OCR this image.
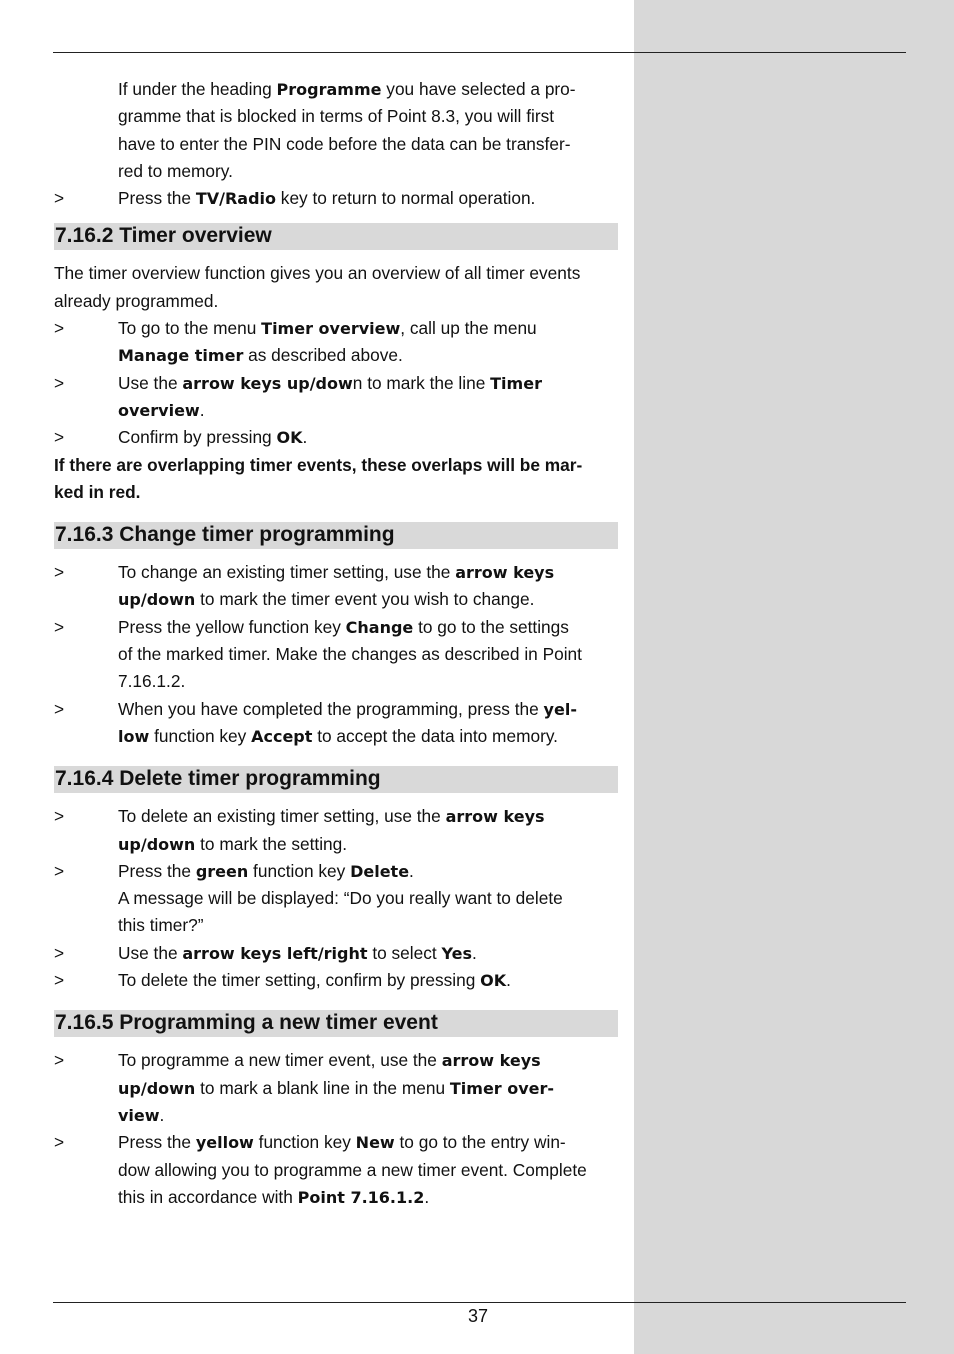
If under the heading Programme you have selected a pro-
gramme that is blocked in terms of Point 8.3, you will first
have to enter the PIN code before the data can be transfer-
red to memory.
>	Press the TV/Radio key to return to normal operation.
7.16.2 Timer overview
The timer overview function gives you an overview of all timer events
already programmed.
>	To go to the menu Timer overview, call up the menu
Manage timer as described above.
>	Use the arrow keys up/down to mark the line Timer
overview.
>	Confirm by pressing OK.
If there are overlapping timer events, these overlaps will be mar-
ked in red.
7.16.3 Change timer programming
>	To change an existing timer setting, use the arrow keys
up/down to mark the timer event you wish to change.
>	Press the yellow function key Change to go to the settings
of the marked timer. Make the changes as described in Point
7.16.1.2.
>	When you have completed the programming, press the yel-
low function key Accept to accept the data into memory.
7.16.4 Delete timer programming
>	To delete an existing timer setting, use the arrow keys
up/down to mark the setting.
>	Press the green function key Delete.
A message will be displayed: “Do you really want to delete
this timer?”
>	Use the arrow keys left/right to select Yes.
>	To delete the timer setting, confirm by pressing OK.
7.16.5 Programming a new timer event
>	To programme a new timer event, use the arrow keys
up/down to mark a blank line in the menu Timer over-
view.
>	Press the yellow function key New to go to the entry win-
dow allowing you to programme a new timer event. Complete
this in accordance with Point 7.16.1.2.
37
